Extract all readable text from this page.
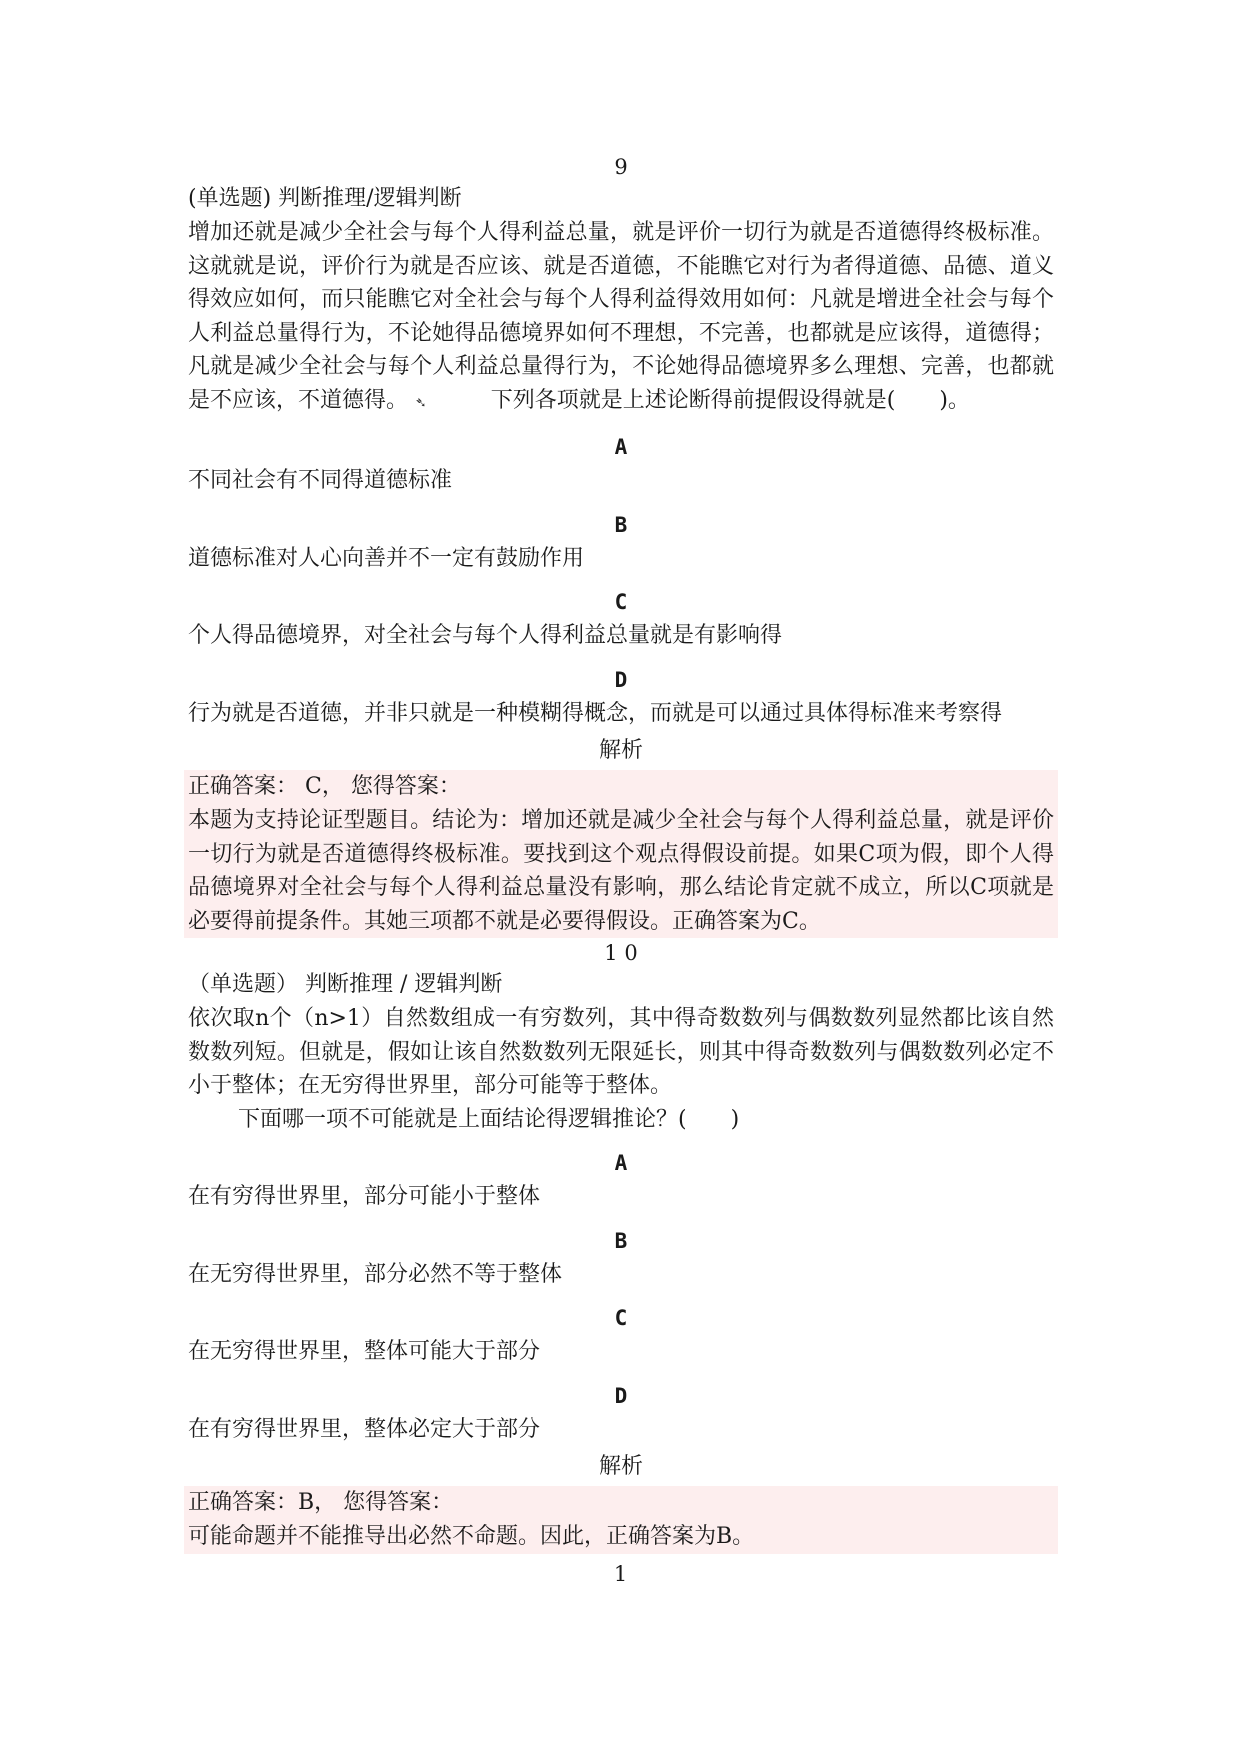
9
(单选题) 判断推理/逻辑判断
增加还就是减少全社会与每个人得利益总量，就是评价一切行为就是否道德得终极标准。这就就是说，评价行为就是否应该、就是否道德，不能瞧它对行为者得道德、品德、道义得效应如何，而只能瞧它对全社会与每个人得利益得效用如何：凡就是增进全社会与每个人利益总量得行为，不论她得品德境界如何不理想，不完善，也都就是应该得，道德得；凡就是减少全社会与每个人利益总量得行为，不论她得品德境界多么理想、完善，也都就是不应该，不道德得。 ➴	下列各项就是上述论断得前提假设得就是(　　)。
A
不同社会有不同得道德标准
B
道德标准对人心向善并不一定有鼓励作用
C
个人得品德境界，对全社会与每个人得利益总量就是有影响得
D
行为就是否道德，并非只就是一种模糊得概念，而就是可以通过具体得标准来考察得
解析
正确答案： C， 您得答案：
本题为支持论证型题目。结论为：增加还就是减少全社会与每个人得利益总量，就是评价一切行为就是否道德得终极标准。要找到这个观点得假设前提。如果C项为假，即个人得品德境界对全社会与每个人得利益总量没有影响，那么结论肯定就不成立，所以C项就是必要得前提条件。其她三项都不就是必要得假设。正确答案为C。
1 0
（单选题） 判断推理 / 逻辑判断
依次取n个（n>1）自然数组成一有穷数列，其中得奇数数列与偶数数列显然都比该自然数数列短。但就是，假如让该自然数数列无限延长，则其中得奇数数列与偶数数列必定不小于整体；在无穷得世界里，部分可能等于整体。
下面哪一项不可能就是上面结论得逻辑推论？(　　)
A
在有穷得世界里，部分可能小于整体
B
在无穷得世界里，部分必然不等于整体
C
在无穷得世界里，整体可能大于部分
D
在有穷得世界里，整体必定大于部分
解析
正确答案：B， 您得答案：
可能命题并不能推导出必然不命题。因此，正确答案为B。
1
